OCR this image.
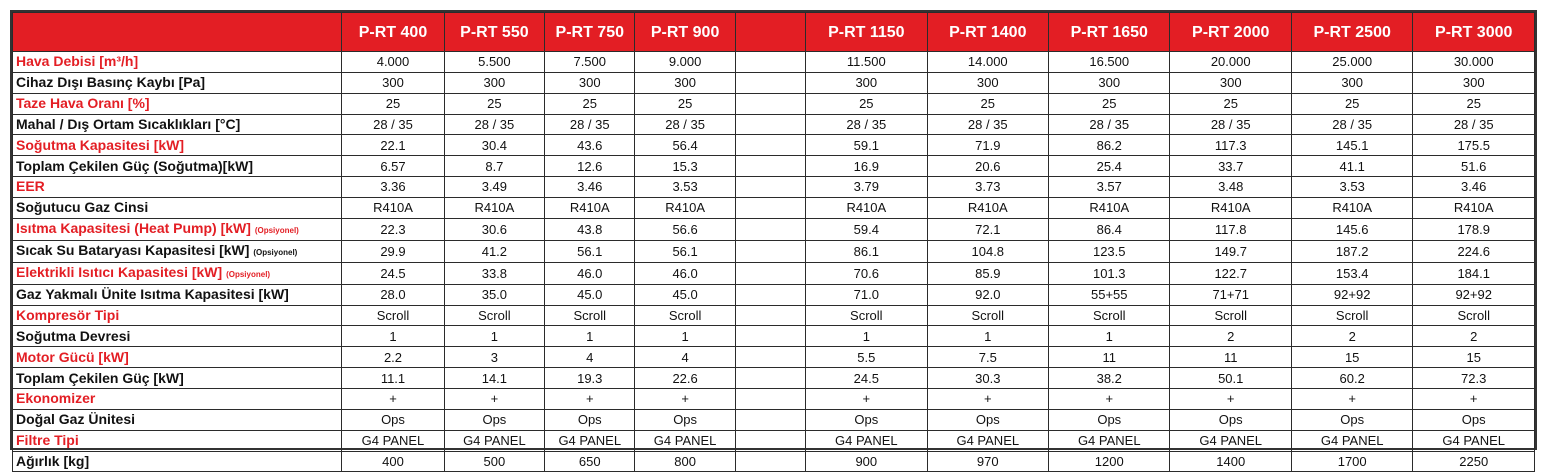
	P-RT 400	P-RT 550	P-RT 750	P-RT 900		P-RT 1150	P-RT 1400	P-RT 1650	P-RT 2000	P-RT 2500	P-RT 3000
Hava Debisi [m³/h]	4.000	5.500	7.500	9.000		11.500	14.000	16.500	20.000	25.000	30.000
Cihaz Dışı Basınç Kaybı [Pa]	300	300	300	300		300	300	300	300	300	300
Taze Hava Oranı [%]	25	25	25	25		25	25	25	25	25	25
Mahal / Dış Ortam Sıcaklıkları [°C]	28 / 35	28 / 35	28 / 35	28 / 35		28 / 35	28 / 35	28 / 35	28 / 35	28 / 35	28 / 35
Soğutma Kapasitesi [kW]	22.1	30.4	43.6	56.4		59.1	71.9	86.2	117.3	145.1	175.5
Toplam Çekilen Güç (Soğutma)[kW]	6.57	8.7	12.6	15.3		16.9	20.6	25.4	33.7	41.1	51.6
EER	3.36	3.49	3.46	3.53		3.79	3.73	3.57	3.48	3.53	3.46
Soğutucu Gaz Cinsi	R410A	R410A	R410A	R410A		R410A	R410A	R410A	R410A	R410A	R410A
Isıtma Kapasitesi (Heat Pump) [kW] (Opsiyonel)	22.3	30.6	43.8	56.6		59.4	72.1	86.4	117.8	145.6	178.9
Sıcak Su Bataryası Kapasitesi [kW] (Opsiyonel)	29.9	41.2	56.1	56.1		86.1	104.8	123.5	149.7	187.2	224.6
Elektrikli Isıtıcı Kapasitesi [kW] (Opsiyonel)	24.5	33.8	46.0	46.0		70.6	85.9	101.3	122.7	153.4	184.1
Gaz Yakmalı Ünite Isıtma Kapasitesi [kW]	28.0	35.0	45.0	45.0		71.0	92.0	55+55	71+71	92+92	92+92
Kompresör Tipi	Scroll	Scroll	Scroll	Scroll		Scroll	Scroll	Scroll	Scroll	Scroll	Scroll
Soğutma Devresi	1	1	1	1		1	1	1	2	2	2
Motor Gücü [kW]	2.2	3	4	4		5.5	7.5	11	11	15	15
Toplam Çekilen Güç [kW]	11.1	14.1	19.3	22.6		24.5	30.3	38.2	50.1	60.2	72.3
Ekonomizer	+	+	+	+		+	+	+	+	+	+
Doğal Gaz Ünitesi	Ops	Ops	Ops	Ops		Ops	Ops	Ops	Ops	Ops	Ops
Filtre Tipi	G4 PANEL	G4 PANEL	G4 PANEL	G4 PANEL		G4 PANEL	G4 PANEL	G4 PANEL	G4 PANEL	G4 PANEL	G4 PANEL
Ağırlık [kg]	400	500	650	800		900	970	1200	1400	1700	2250
